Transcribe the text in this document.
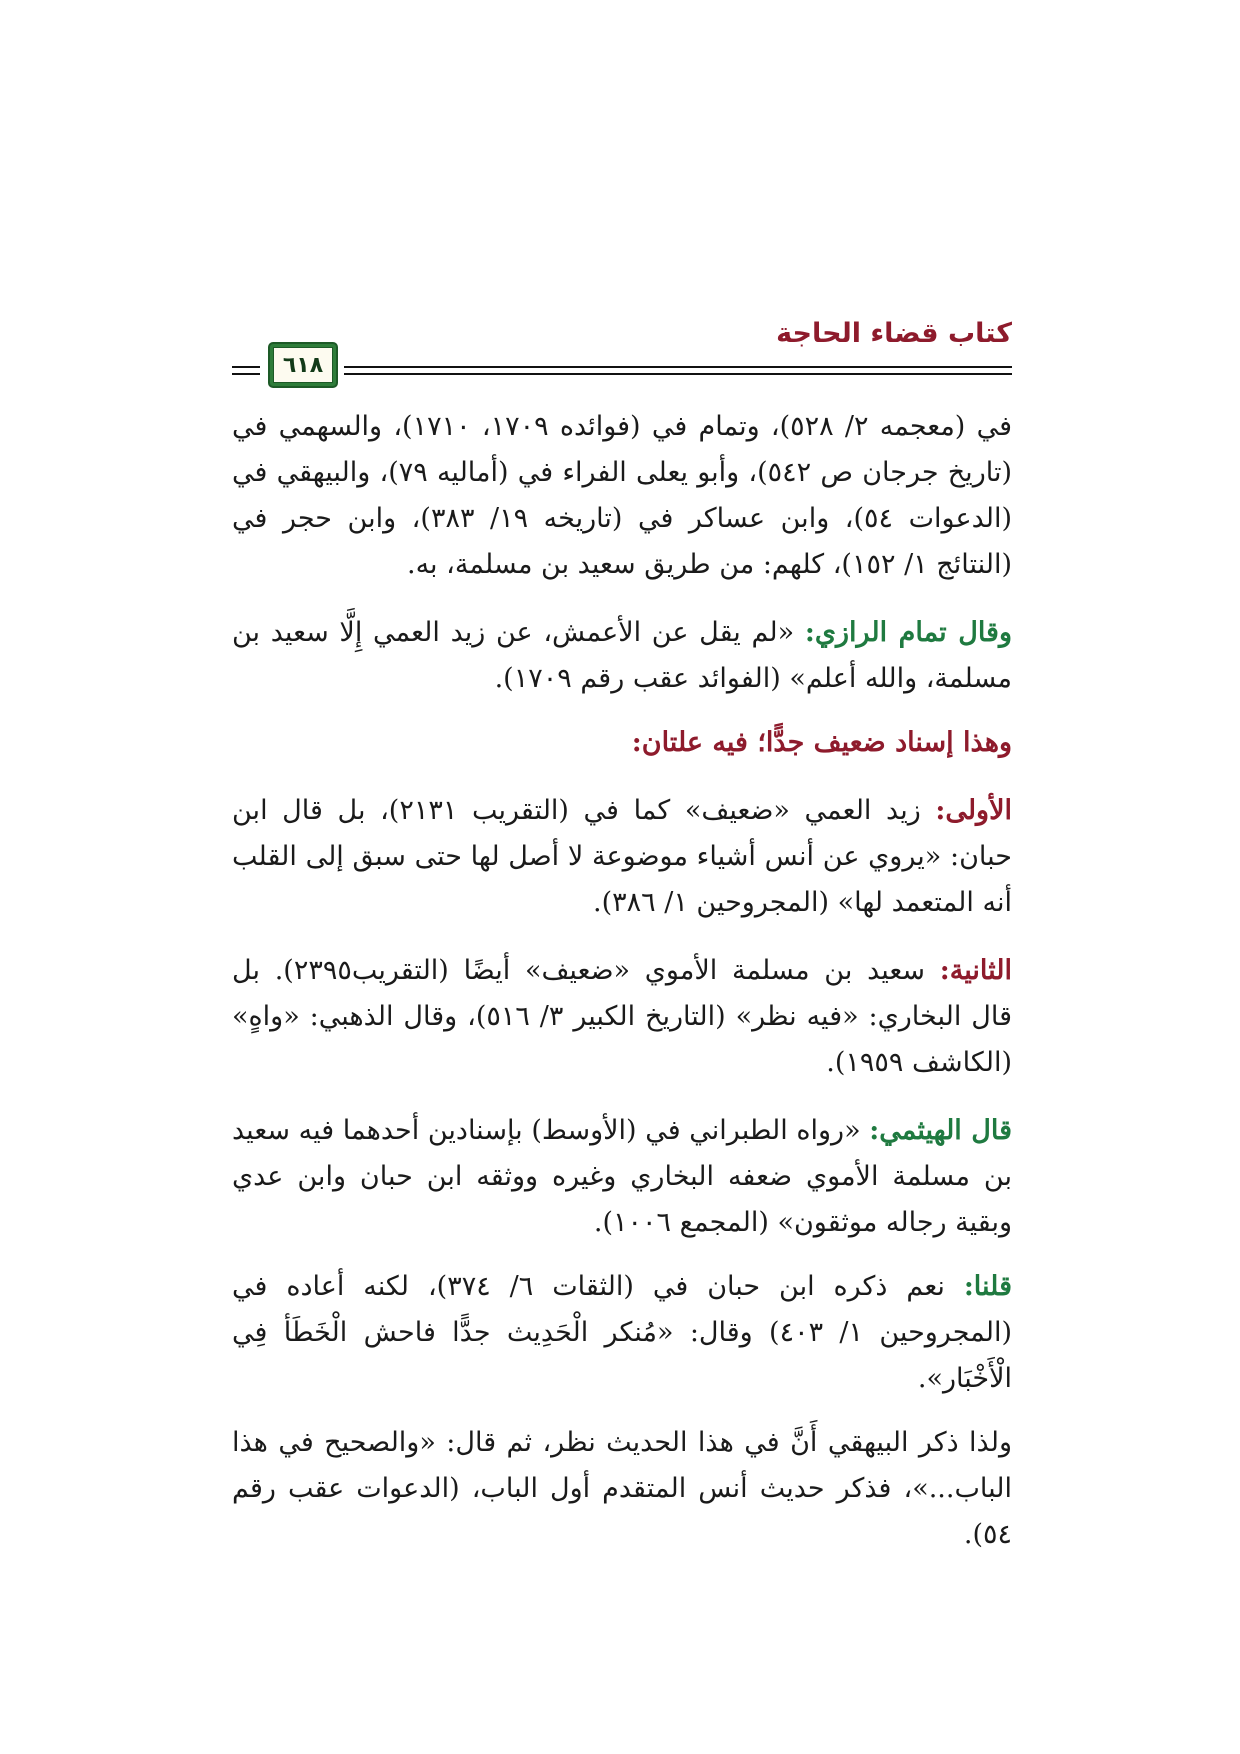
كتاب قضاء الحاجة
٦١٨

في (معجمه ٢/ ٥٢٨)، وتمام في (فوائده ١٧٠٩، ١٧١٠)، والسهمي في (تاريخ جرجان ص ٥٤٢)، وأبو يعلى الفراء في (أماليه ٧٩)، والبيهقي في (الدعوات ٥٤)، وابن عساكر في (تاريخه ١٩/ ٣٨٣)، وابن حجر في (النتائج ١/ ١٥٢)، كلهم: من طريق سعيد بن مسلمة، به.

وقال تمام الرازي: «لم يقل عن الأعمش، عن زيد العمي إِلَّا سعيد بن مسلمة، والله أعلم» (الفوائد عقب رقم ١٧٠٩).

وهذا إسناد ضعيف جدًّا؛ فيه علتان:

الأولى: زيد العمي «ضعيف» كما في (التقريب ٢١٣١)، بل قال ابن حبان: «يروي عن أنس أشياء موضوعة لا أصل لها حتى سبق إلى القلب أنه المتعمد لها» (المجروحين ١/ ٣٨٦).

الثانية: سعيد بن مسلمة الأموي «ضعيف» أيضًا (التقريب٢٣٩٥). بل قال البخاري: «فيه نظر» (التاريخ الكبير ٣/ ٥١٦)، وقال الذهبي: «واهٍ» (الكاشف ١٩٥٩).

قال الهيثمي: «رواه الطبراني في (الأوسط) بإسنادين أحدهما فيه سعيد بن مسلمة الأموي ضعفه البخاري وغيره ووثقه ابن حبان وابن عدي وبقية رجاله موثقون» (المجمع ١٠٠٦).

قلنا: نعم ذكره ابن حبان في (الثقات ٦/ ٣٧٤)، لكنه أعاده في (المجروحين ١/ ٤٠٣) وقال: «مُنكر الْحَدِيث جدًّا فاحش الْخَطَأ فِي الْأَخْبَار».

ولذا ذكر البيهقي أَنَّ في هذا الحديث نظر، ثم قال: «والصحيح في هذا الباب...»، فذكر حديث أنس المتقدم أول الباب، (الدعوات عقب رقم ٥٤).
